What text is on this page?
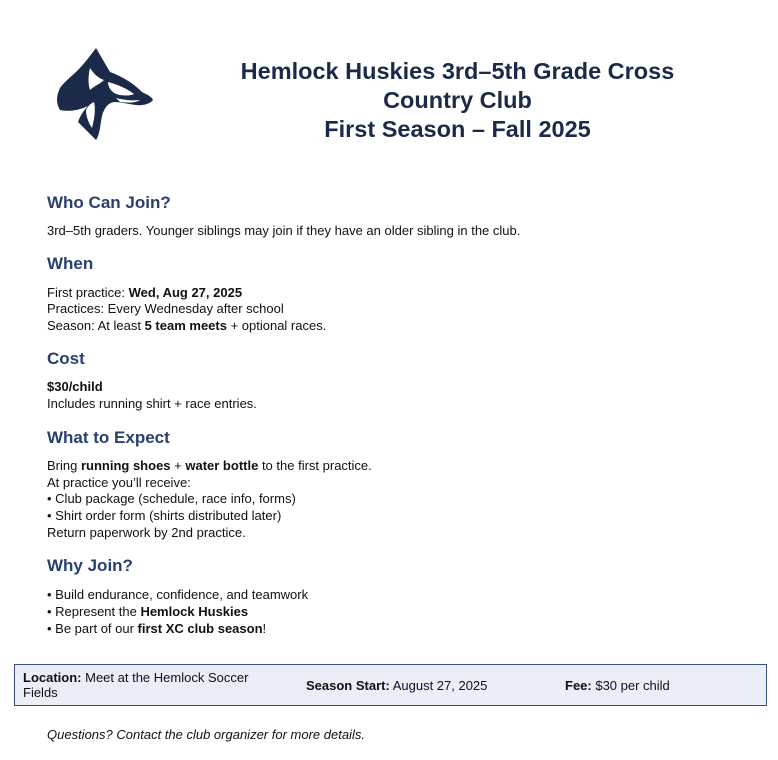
Hemlock Huskies 3rd–5th Grade Cross
Country Club
First Season – Fall 2025
Who Can Join?

3rd–5th graders. Younger siblings may join if they have an older sibling in the club.

When

First practice: Wed, Aug 27, 2025

Practices: Every Wednesday after school

Season: At least 5 team meets + optional races.

Cost

$30/child

Includes running shirt + race entries.

What to Expect

Bring running shoes + water bottle to the first practice.

At practice you’ll receive:

• Club package (schedule, race info, forms)

• Shirt order form (shirts distributed later)

Return paperwork by 2nd practice.

Why Join?

• Build endurance, confidence, and teamwork

• Represent the Hemlock Huskies

• Be part of our first XC club season!

Location: Meet at the Hemlock Soccer Fields	Season Start: August 27, 2025	Fee: $30 per child
Questions? Contact the club organizer for more details.
